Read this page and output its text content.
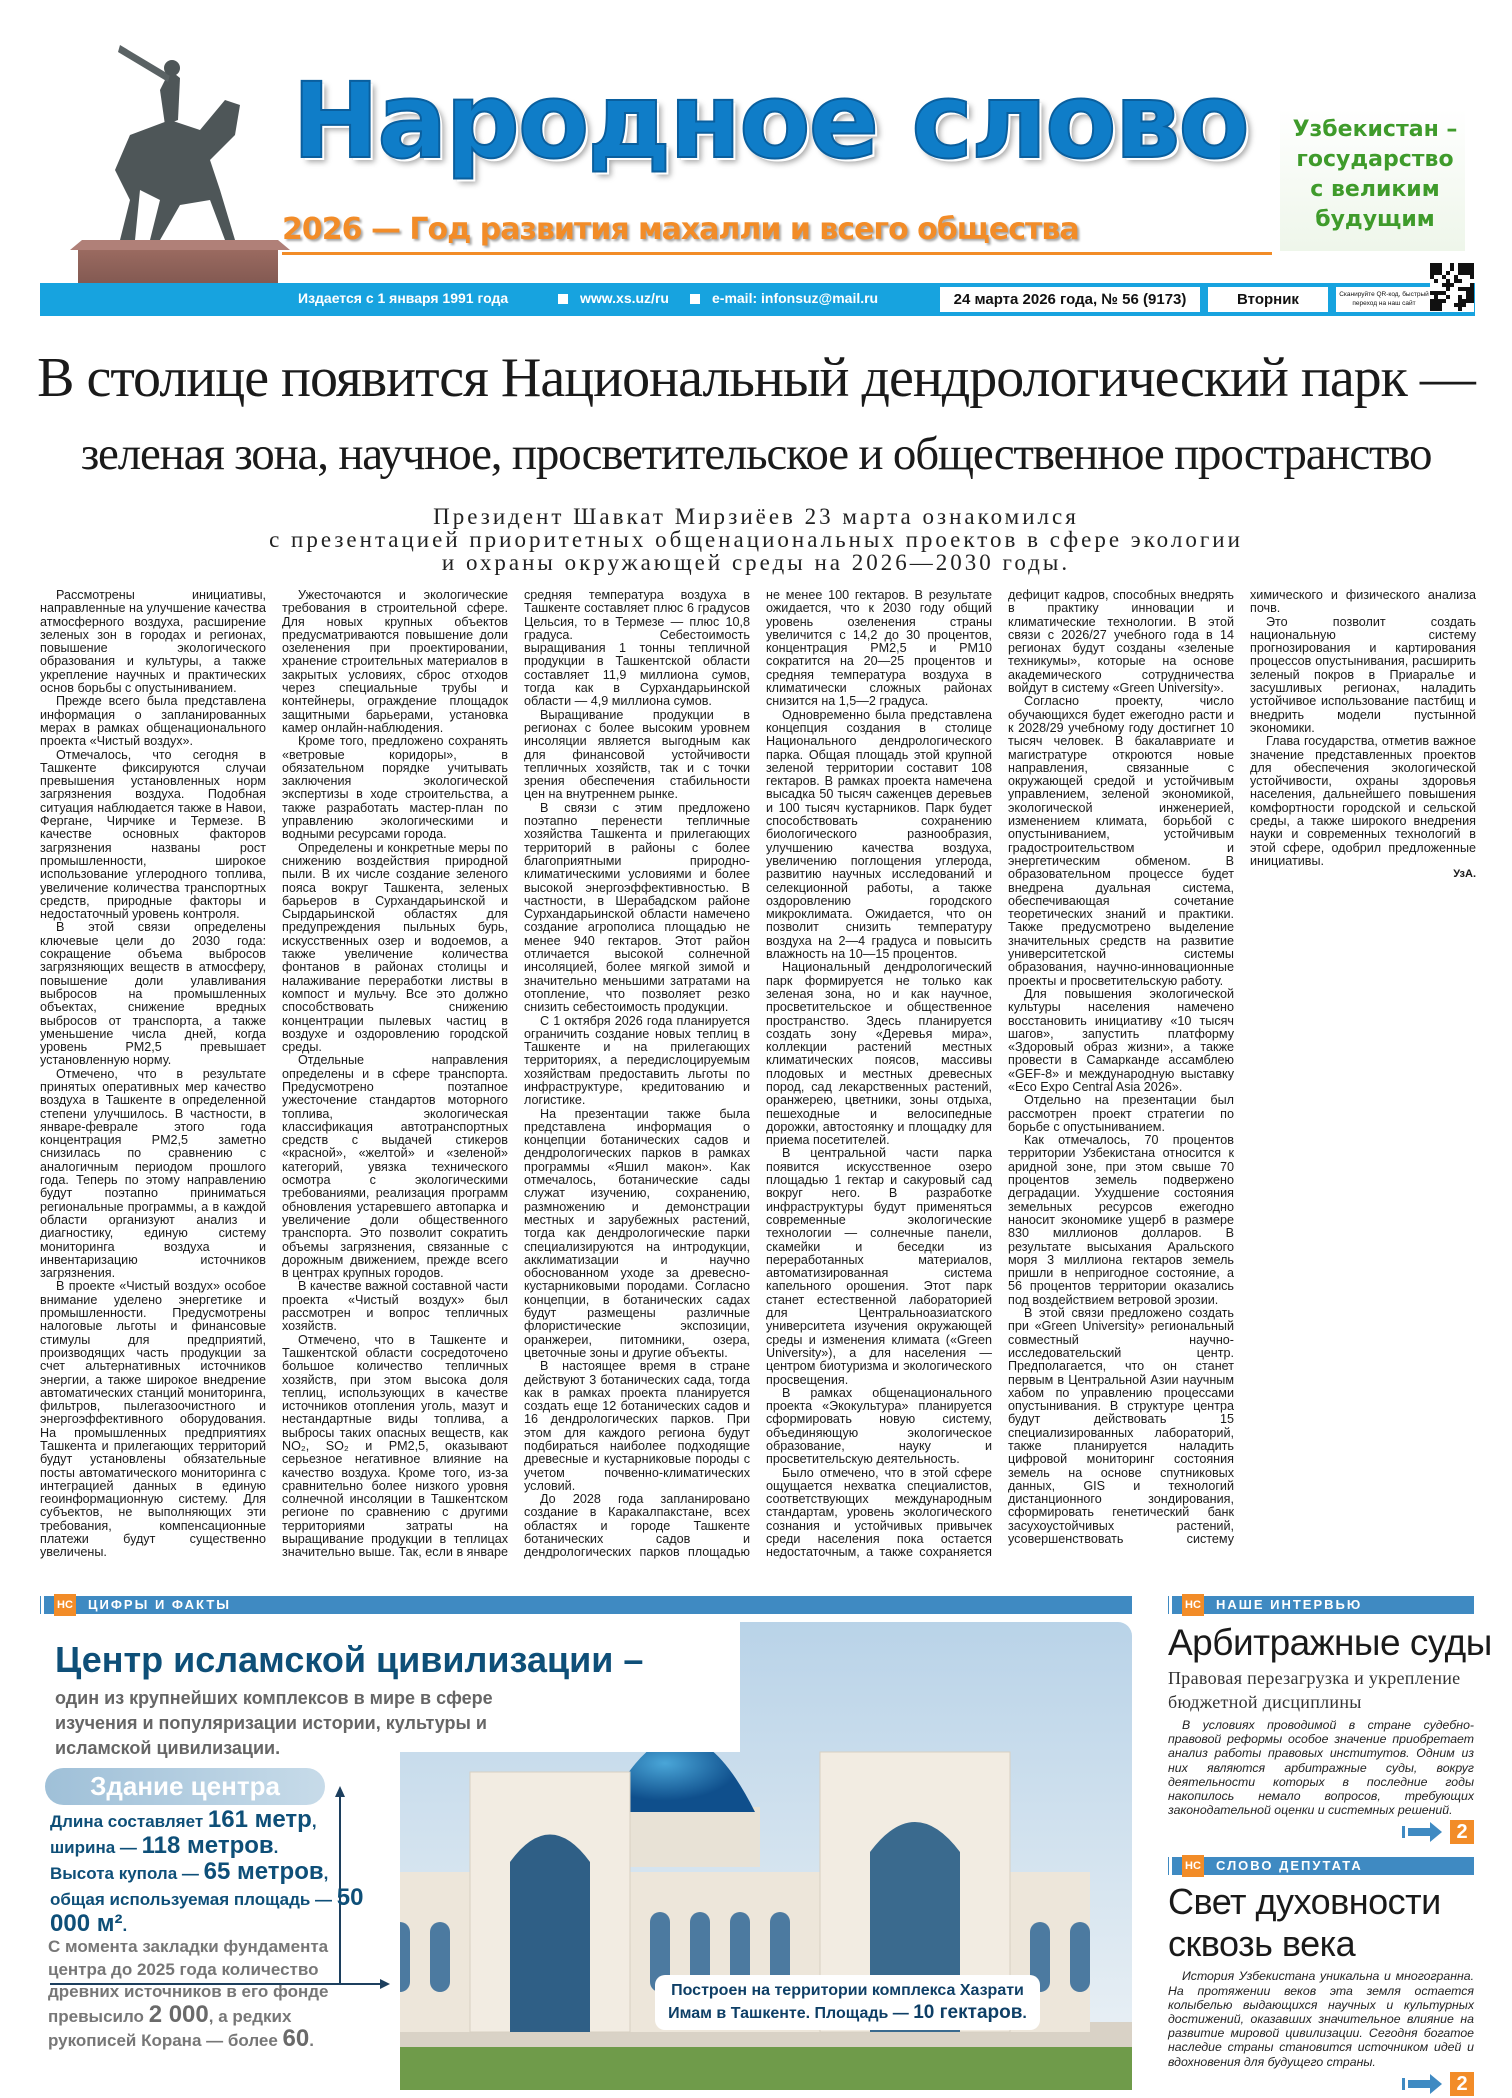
Народное слово
2026 — Год развития махалли и всего общества
Узбекистан –
государство
с великим
будущим
Издается с 1 января 1991 года	www.xs.uz/ru	e-mail: infonsuz@mail.ru	24 марта 2026 года, № 56 (9173)	Вторник	Сканируйте QR-код, быстрый переход на наш сайт
В столице появится Национальный дендрологический парк —
зеленая зона, научное, просветительское и общественное пространство
Президент Шавкат Мирзиёев 23 марта ознакомился
с презентацией приоритетных общенациональных проектов в сфере экологии
и охраны окружающей среды на 2026—2030 годы.

Рассмотрены инициативы, направленные на улучшение качества атмосферного воздуха, расширение зеленых зон в городах и регионах, повышение экологического образования и культуры, а также укрепление научных и практических основ борьбы с опустыниванием.

Прежде всего была представлена информация о запланированных мерах в рамках общенационального проекта «Чистый воздух».

Отмечалось, что сегодня в Ташкенте фиксируются случаи превышения установленных норм загрязнения воздуха. Подобная ситуация наблюдается также в Навои, Фергане, Чирчике и Термезе. В качестве основных факторов загрязнения названы рост промышленности, широкое использование углеродного топлива, увеличение количества транспортных средств, природные факторы и недостаточный уровень контроля.

В этой связи определены ключевые цели до 2030 года: сокращение объема выбросов загрязняющих веществ в атмосферу, повышение доли улавливания выбросов на промышленных объектах, снижение вредных выбросов от транспорта, а также уменьшение числа дней, когда уровень PM2,5 превышает установленную норму.

Отмечено, что в результате принятых оперативных мер качество воздуха в Ташкенте в определенной степени улучшилось. В частности, в январе-феврале этого года концентрация PM2,5 заметно снизилась по сравнению с аналогичным периодом прошлого года. Теперь по этому направлению будут поэтапно приниматься региональные программы, а в каждой области организуют анализ и диагностику, единую систему мониторинга воздуха и инвентаризацию источников загрязнения.

В проекте «Чистый воздух» особое внимание уделено энергетике и промышленности. Предусмотрены налоговые льготы и финансовые стимулы для предприятий, производящих часть продукции за счет альтернативных источников энергии, а также широкое внедрение автоматических станций мониторинга, фильтров, пылегазоочистного и энергоэффективного оборудования. На промышленных предприятиях Ташкента и прилегающих территорий будут установлены обязательные посты автоматического мониторинга с интеграцией данных в единую геоинформационную систему. Для субъектов, не выполняющих эти требования, компенсационные платежи будут существенно увеличены.

Ужесточаются и экологические требования в строительной сфере. Для новых крупных объектов предусматриваются повышение доли озеленения при проектировании, хранение строительных материалов в закрытых условиях, сброс отходов через специальные трубы и контейнеры, ограждение площадок защитными барьерами, установка камер онлайн-наблюдения.

Кроме того, предложено сохранять «ветровые коридоры», в обязательном порядке учитывать заключения экологической экспертизы в ходе строительства, а также разработать мастер-план по управлению экологическими и водными ресурсами города.

Определены и конкретные меры по снижению воздействия природной пыли. В их числе создание зеленого пояса вокруг Ташкента, зеленых барьеров в Сурхандарьинской и Сырдарьинской областях для предупреждения пыльных бурь, искусственных озер и водоемов, а также увеличение количества фонтанов в районах столицы и налаживание переработки листвы в компост и мульчу. Все это должно способствовать снижению концентрации пылевых частиц в воздухе и оздоровлению городской среды.

Отдельные направления определены и в сфере транспорта. Предусмотрено поэтапное ужесточение стандартов моторного топлива, экологическая классификация автотранспортных средств с выдачей стикеров «красной», «желтой» и «зеленой» категорий, увязка технического осмотра с экологическими требованиями, реализация программ обновления устаревшего автопарка и увеличение доли общественного транспорта. Это позволит сократить объемы загрязнения, связанные с дорожным движением, прежде всего в центрах крупных городов.

В качестве важной составной части проекта «Чистый воздух» был рассмотрен и вопрос тепличных хозяйств.

Отмечено, что в Ташкенте и Ташкентской области сосредоточено большое количество тепличных хозяйств, при этом высока доля теплиц, использующих в качестве источников отопления уголь, мазут и нестандартные виды топлива, а выбросы таких опасных веществ, как NO₂, SO₂ и PM2,5, оказывают серьезное негативное влияние на качество воздуха. Кроме того, из-за сравнительно более низкого уровня солнечной инсоляции в Ташкентском регионе по сравнению с другими территориями затраты на выращивание продукции в теплицах значительно выше. Так, если в январе средняя температура воздуха в Ташкенте составляет плюс 6 градусов Цельсия, то в Термезе — плюс 10,8 градуса. Себестоимость выращивания 1 тонны тепличной продукции в Ташкентской области составляет 11,9 миллиона сумов, тогда как в Сурхандарьинской области — 4,9 миллиона сумов.

Выращивание продукции в регионах с более высоким уровнем инсоляции является выгодным как для финансовой устойчивости тепличных хозяйств, так и с точки зрения обеспечения стабильности цен на внутреннем рынке.

В связи с этим предложено поэтапно перенести тепличные хозяйства Ташкента и прилегающих территорий в районы с более благоприятными природно-климатическими условиями и более высокой энергоэффективностью. В частности, в Шерабадском районе Сурхандарьинской области намечено создание агрополиса площадью не менее 940 гектаров. Этот район отличается высокой солнечной инсоляцией, более мягкой зимой и значительно меньшими затратами на отопление, что позволяет резко снизить себестоимость продукции.

С 1 октября 2026 года планируется ограничить создание новых теплиц в Ташкенте и на прилегающих территориях, а передислоцируемым хозяйствам предоставить льготы по инфраструктуре, кредитованию и логистике.

На презентации также была представлена информация о концепции ботанических садов и дендрологических парков в рамках программы «Яшил макон». Как отмечалось, ботанические сады служат изучению, сохранению, размножению и демонстрации местных и зарубежных растений, тогда как дендрологические парки специализируются на интродукции, акклиматизации и научно обоснованном уходе за древесно-кустарниковыми породами. Согласно концепции, в ботанических садах будут размещены различные флористические экспозиции, оранжереи, питомники, озера, цветочные зоны и другие объекты.

В настоящее время в стране действуют 3 ботанических сада, тогда как в рамках проекта планируется создать еще 12 ботанических садов и 16 дендрологических парков. При этом для каждого региона будут подбираться наиболее подходящие древесные и кустарниковые породы с учетом почвенно-климатических условий.

До 2028 года запланировано создание в Каракалпакстане, всех областях и городе Ташкенте ботанических садов и дендрологических парков площадью не менее 100 гектаров. В результате ожидается, что к 2030 году общий уровень озеленения страны увеличится с 14,2 до 30 процентов, концентрация PM2,5 и PM10 сократится на 20—25 процентов и средняя температура воздуха в климатически сложных районах снизится на 1,5—2 градуса.

Одновременно была представлена концепция создания в столице Национального дендрологического парка. Общая площадь этой крупной зеленой территории составит 108 гектаров. В рамках проекта намечена высадка 50 тысяч саженцев деревьев и 100 тысяч кустарников. Парк будет способствовать сохранению биологического разнообразия, улучшению качества воздуха, увеличению поглощения углерода, развитию научных исследований и селекционной работы, а также оздоровлению городского микроклимата. Ожидается, что он позволит снизить температуру воздуха на 2—4 градуса и повысить влажность на 10—15 процентов.

Национальный дендрологический парк формируется не только как зеленая зона, но и как научное, просветительское и общественное пространство. Здесь планируется создать зону «Деревья мира», коллекции растений местных климатических поясов, массивы плодовых и местных древесных пород, сад лекарственных растений, оранжерею, цветники, зоны отдыха, пешеходные и велосипедные дорожки, автостоянку и площадку для приема посетителей.

В центральной части парка появится искусственное озеро площадью 1 гектар и сакуровый сад вокруг него. В разработке инфраструктуры будут применяться современные экологические технологии — солнечные панели, скамейки и беседки из переработанных материалов, автоматизированная система капельного орошения. Этот парк станет естественной лабораторией для Центральноазиатского университета изучения окружающей среды и изменения климата («Green University»), а для населения — центром биотуризма и экологического просвещения.

В рамках общенационального проекта «Экокультура» планируется сформировать новую систему, объединяющую экологическое образование, науку и просветительскую деятельность.

Было отмечено, что в этой сфере ощущается нехватка специалистов, соответствующих международным стандартам, уровень экологического сознания и устойчивых привычек среди населения пока остается недостаточным, а также сохраняется дефицит кадров, способных внедрять в практику инновации и климатические технологии. В этой связи с 2026/27 учебного года в 14 регионах будут созданы «зеленые техникумы», которые на основе академического сотрудничества войдут в систему «Green University».

Согласно проекту, число обучающихся будет ежегодно расти и к 2028/29 учебному году достигнет 10 тысяч человек. В бакалавриате и магистратуре откроются новые направления, связанные с окружающей средой и устойчивым управлением, зеленой экономикой, экологической инженерией, изменением климата, борьбой с опустыниванием, устойчивым градостроительством и энергетическим обменом. В образовательном процессе будет внедрена дуальная система, обеспечивающая сочетание теоретических знаний и практики. Также предусмотрено выделение значительных средств на развитие университетской системы образования, научно-инновационные проекты и просветительскую работу.

Для повышения экологической культуры населения намечено восстановить инициативу «10 тысяч шагов», запустить платформу «Здоровый образ жизни», а также провести в Самарканде ассамблею «GEF-8» и международную выставку «Eco Expo Central Asia 2026».

Отдельно на презентации был рассмотрен проект стратегии по борьбе с опустыниванием.

Как отмечалось, 70 процентов территории Узбекистана относится к аридной зоне, при этом свыше 70 процентов земель подвержено деградации. Ухудшение состояния земельных ресурсов ежегодно наносит экономике ущерб в размере 830 миллионов долларов. В результате высыхания Аральского моря 3 миллиона гектаров земель пришли в непригодное состояние, а 56 процентов территории оказались под воздействием ветровой эрозии.

В этой связи предложено создать при «Green University» региональный совместный научно-исследовательский центр. Предполагается, что он станет первым в Центральной Азии научным хабом по управлению процессами опустынивания. В структуре центра будут действовать 15 специализированных лабораторий, также планируется наладить цифровой мониторинг состояния земель на основе спутниковых данных, GIS и технологий дистанционного зондирования, сформировать генетический банк засухоустойчивых растений, усовершенствовать систему химического и физического анализа почв.

Это позволит создать национальную систему прогнозирования и картирования процессов опустынивания, расширить зеленый покров в Приаралье и засушливых регионах, наладить устойчивое использование пастбищ и внедрить модели пустынной экономики.

Глава государства, отметив важное значение представленных проектов для обеспечения экологической устойчивости, охраны здоровья населения, дальнейшего повышения комфортности городской и сельской среды, а также широкого внедрения науки и современных технологий в этой сфере, одобрил предложенные инициативы.

УзА.

НС ЦИФРЫ И ФАКТЫ
Центр исламской цивилизации –
один из крупнейших комплексов в мире в сфере изучения и популяризации истории, культуры и исламской цивилизации.
Здание центра
Длина составляет 161 метр,
ширина — 118 метров.
Высота купола — 65 метров,
общая используемая площадь — 50 000 м².
С момента закладки фундамента центра до 2025 года количество древних источников в его фонде превысило 2 000, а редких рукописей Корана — более 60.
Построен на территории комплекса Хазрати Имам в Ташкенте. Площадь — 10 гектаров.
НС НАШЕ ИНТЕРВЬЮ
Арбитражные суды
Правовая перезагрузка и укрепление бюджетной дисциплины
В условиях проводимой в стране судебно-правовой реформы особое значение приобретает анализ работы правовых институтов. Одним из них являются арбитражные суды, вокруг деятельности которых в последние годы накопилось немало вопросов, требующих законодательной оценки и системных решений.
2
НС СЛОВО ДЕПУТАТА
Свет духовности
сквозь века
История Узбекистана уникальна и многогранна. На протяжении веков эта земля остается колыбелью выдающихся научных и культурных достижений, оказавших значительное влияние на развитие мировой цивилизации. Сегодня богатое наследие страны становится источником идей и вдохновения для будущего страны.
2
